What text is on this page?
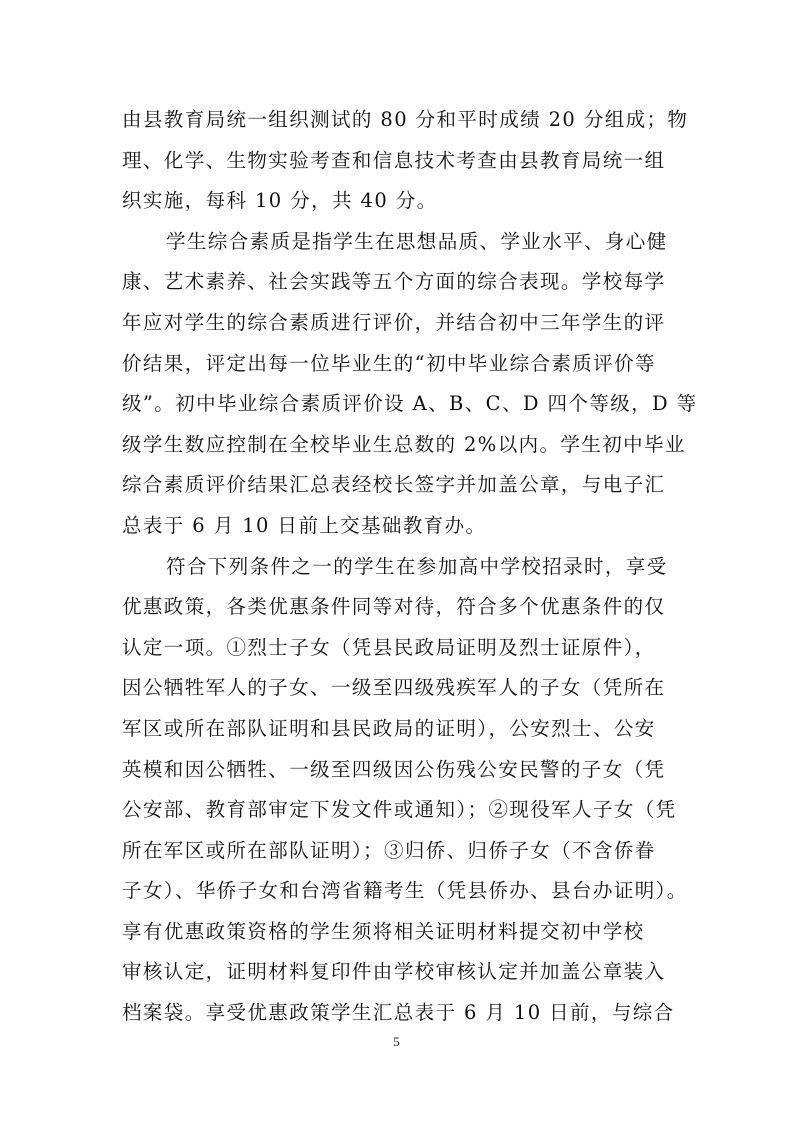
由县教育局统一组织测试的 80 分和平时成绩 20 分组成；物
理、化学、生物实验考查和信息技术考查由县教育局统一组
织实施，每科 10 分，共 40 分。
学生综合素质是指学生在思想品质、学业水平、身心健
康、艺术素养、社会实践等五个方面的综合表现。学校每学
年应对学生的综合素质进行评价，并结合初中三年学生的评
价结果，评定出每一位毕业生的“初中毕业综合素质评价等
级”。初中毕业综合素质评价设 A、B、C、D 四个等级，D 等
级学生数应控制在全校毕业生总数的 2%以内。学生初中毕业
综合素质评价结果汇总表经校长签字并加盖公章，与电子汇
总表于 6 月 10 日前上交基础教育办。
符合下列条件之一的学生在参加高中学校招录时，享受
优惠政策，各类优惠条件同等对待，符合多个优惠条件的仅
认定一项。①烈士子女（凭县民政局证明及烈士证原件），
因公牺牲军人的子女、一级至四级残疾军人的子女（凭所在
军区或所在部队证明和县民政局的证明），公安烈士、公安
英模和因公牺牲、一级至四级因公伤残公安民警的子女（凭
公安部、教育部审定下发文件或通知）；②现役军人子女（凭
所在军区或所在部队证明）；③归侨、归侨子女（不含侨眷
子女）、华侨子女和台湾省籍考生（凭县侨办、县台办证明）。
享有优惠政策资格的学生须将相关证明材料提交初中学校
审核认定，证明材料复印件由学校审核认定并加盖公章装入
档案袋。享受优惠政策学生汇总表于 6 月 10 日前，与综合
5
